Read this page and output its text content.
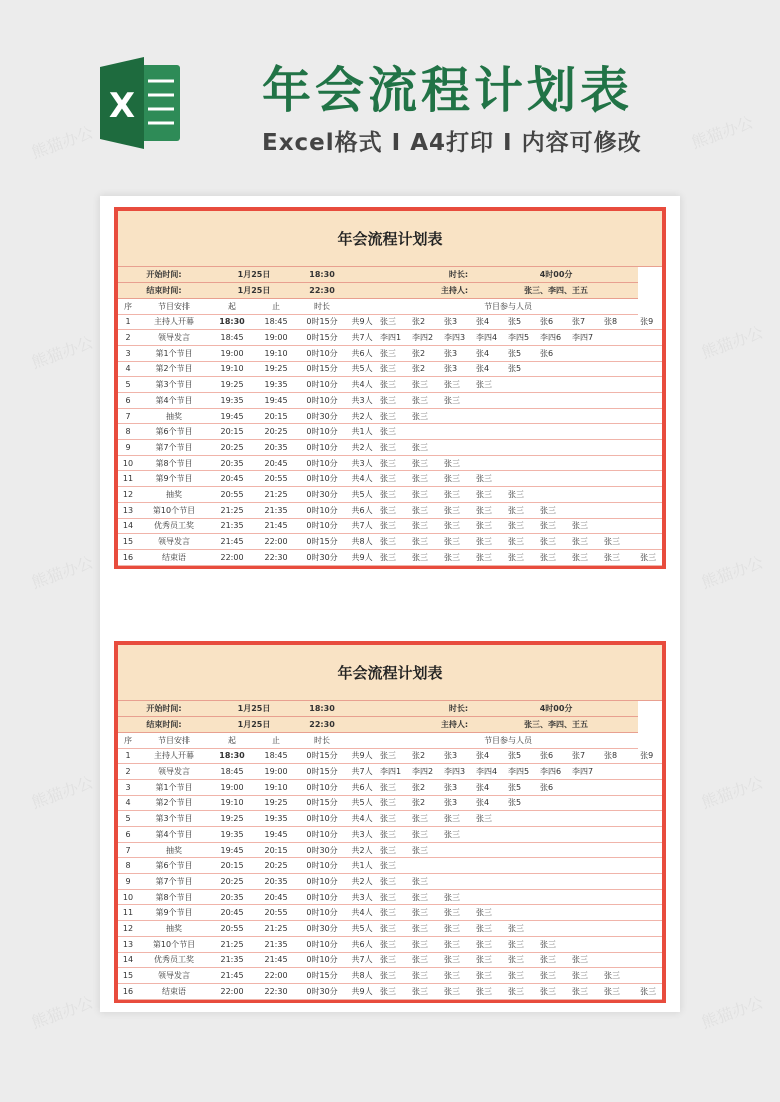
X	年会流程计划表
Excel格式 I A4打印 I 内容可修改
年会流程计划表
开始时间:		1月25日		18:30	时长:				4时00分					
结束时间:		1月25日		22:30	主持人:				张三、李四、王五					
序	节目安排	起	止	时长		节目参与人员								
1	主持人开幕	18:30	18:45	0时15分	共9人	张三	张2	张3	张4	张5	张6	张7	张8	张9
2	领导发言	18:45	19:00	0时15分	共7人	李四1	李四2	李四3	李四4	李四5	李四6	李四7		
3	第1个节目	19:00	19:10	0时10分	共6人	张三	张2	张3	张4	张5	张6			
4	第2个节目	19:10	19:25	0时15分	共5人	张三	张2	张3	张4	张5				
5	第3个节目	19:25	19:35	0时10分	共4人	张三	张三	张三	张三					
6	第4个节目	19:35	19:45	0时10分	共3人	张三	张三	张三						
7	抽奖	19:45	20:15	0时30分	共2人	张三	张三							
8	第6个节目	20:15	20:25	0时10分	共1人	张三								
9	第7个节目	20:25	20:35	0时10分	共2人	张三	张三							
10	第8个节目	20:35	20:45	0时10分	共3人	张三	张三	张三						
11	第9个节目	20:45	20:55	0时10分	共4人	张三	张三	张三	张三					
12	抽奖	20:55	21:25	0时30分	共5人	张三	张三	张三	张三	张三				
13	第10个节目	21:25	21:35	0时10分	共6人	张三	张三	张三	张三	张三	张三			
14	优秀员工奖	21:35	21:45	0时10分	共7人	张三	张三	张三	张三	张三	张三	张三		
15	领导发言	21:45	22:00	0时15分	共8人	张三	张三	张三	张三	张三	张三	张三	张三	
16	结束语	22:00	22:30	0时30分	共9人	张三	张三	张三	张三	张三	张三	张三	张三	张三
年会流程计划表
开始时间:		1月25日		18:30	时长:				4时00分					
结束时间:		1月25日		22:30	主持人:				张三、李四、王五					
序	节目安排	起	止	时长		节目参与人员								
1	主持人开幕	18:30	18:45	0时15分	共9人	张三	张2	张3	张4	张5	张6	张7	张8	张9
2	领导发言	18:45	19:00	0时15分	共7人	李四1	李四2	李四3	李四4	李四5	李四6	李四7		
3	第1个节目	19:00	19:10	0时10分	共6人	张三	张2	张3	张4	张5	张6			
4	第2个节目	19:10	19:25	0时15分	共5人	张三	张2	张3	张4	张5				
5	第3个节目	19:25	19:35	0时10分	共4人	张三	张三	张三	张三					
6	第4个节目	19:35	19:45	0时10分	共3人	张三	张三	张三						
7	抽奖	19:45	20:15	0时30分	共2人	张三	张三							
8	第6个节目	20:15	20:25	0时10分	共1人	张三								
9	第7个节目	20:25	20:35	0时10分	共2人	张三	张三							
10	第8个节目	20:35	20:45	0时10分	共3人	张三	张三	张三						
11	第9个节目	20:45	20:55	0时10分	共4人	张三	张三	张三	张三					
12	抽奖	20:55	21:25	0时30分	共5人	张三	张三	张三	张三	张三				
13	第10个节目	21:25	21:35	0时10分	共6人	张三	张三	张三	张三	张三	张三			
14	优秀员工奖	21:35	21:45	0时10分	共7人	张三	张三	张三	张三	张三	张三	张三		
15	领导发言	21:45	22:00	0时15分	共8人	张三	张三	张三	张三	张三	张三	张三	张三	
16	结束语	22:00	22:30	0时30分	共9人	张三	张三	张三	张三	张三	张三	张三	张三	张三
熊猫办公	熊猫办公
熊猫办公	熊猫办公
熊猫办公	熊猫办公
熊猫办公	熊猫办公
熊猫办公	熊猫办公
